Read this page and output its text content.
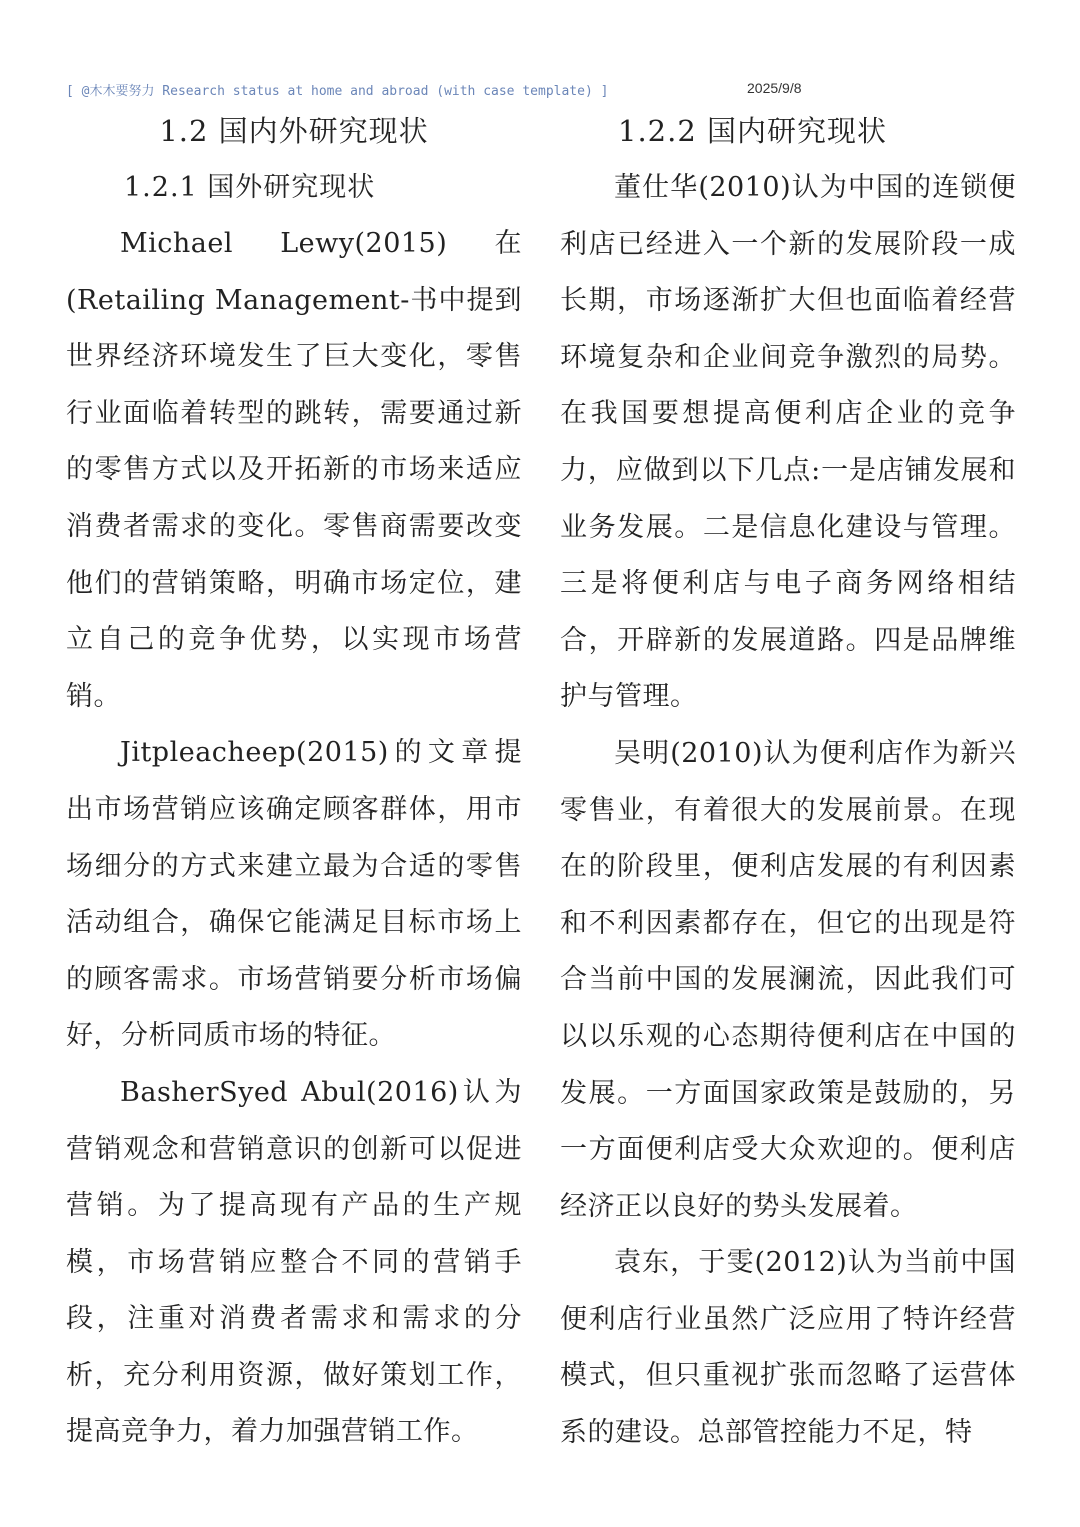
[ @木木要努力 Research status at home and abroad (with case template) ]	2025/9/8
1.2 国内外研究现状
1.2.1 国外研究现状

Michael Lewy(2015) 在 (Retailing Management-书中提到世界经济环境发生了巨大变化，零售行业面临着转型的跳转，需要通过新的零售方式以及开拓新的市场来适应消费者需求的变化。零售商需要改变他们的营销策略，明确市场定位，建立自己的竞争优势，以实现市场营销。

Jitpleacheep(2015)的文章提出市场营销应该确定顾客群体，用市场细分的方式来建立最为合适的零售活动组合，确保它能满足目标市场上的顾客需求。市场营销要分析市场偏好，分析同质市场的特征。

BasherSyed Abul(2016)认为营销观念和营销意识的创新可以促进营销。为了提高现有产品的生产规模，市场营销应整合不同的营销手段，注重对消费者需求和需求的分析，充分利用资源，做好策划工作，提高竞争力，着力加强营销工作。

1.2.2 国内研究现状

董仕华(2010)认为中国的连锁便利店已经进入一个新的发展阶段一成长期，市场逐渐扩大但也面临着经营环境复杂和企业间竞争激烈的局势。在我国要想提高便利店企业的竞争力，应做到以下几点:一是店铺发展和业务发展。二是信息化建设与管理。三是将便利店与电子商务网络相结合，开辟新的发展道路。四是品牌维护与管理。

吴明(2010)认为便利店作为新兴零售业，有着很大的发展前景。在现在的阶段里，便利店发展的有利因素和不利因素都存在，但它的出现是符合当前中国的发展澜流，因此我们可以以乐观的心态期待便利店在中国的发展。一方面国家政策是鼓励的，另一方面便利店受大众欢迎的。便利店经济正以良好的势头发展着。

袁东，于雯(2012)认为当前中国便利店行业虽然广泛应用了特许经营模式，但只重视扩张而忽略了运营体系的建设。总部管控能力不足，特
